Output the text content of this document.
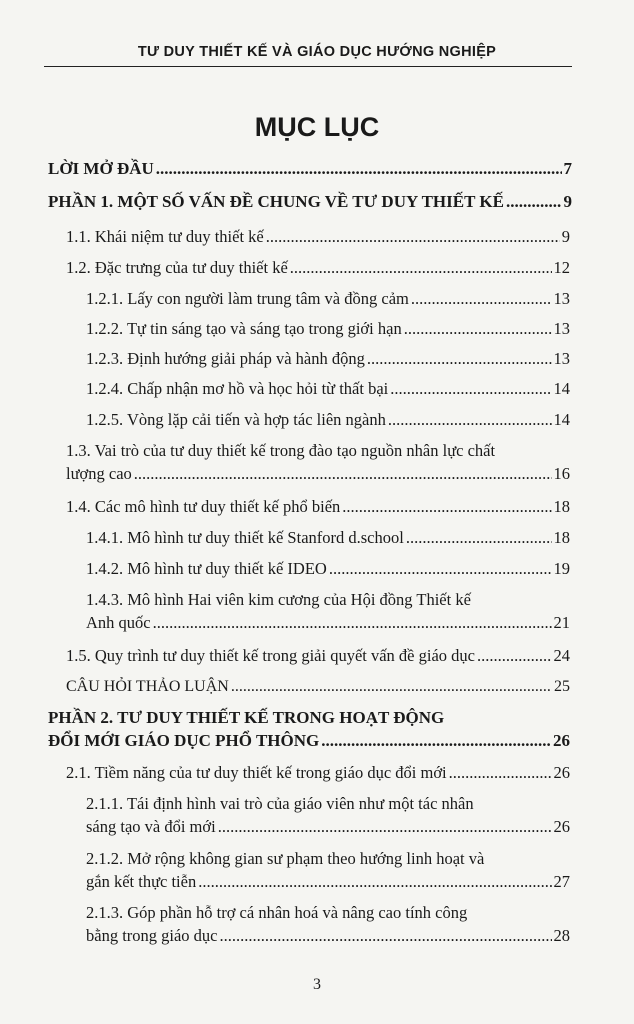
TƯ DUY THIẾT KẾ VÀ GIÁO DỤC HƯỚNG NGHIỆP
MỤC LỤC
LỜI MỞ ĐẦU .....	7
PHẦN 1. MỘT SỐ VẤN ĐỀ CHUNG VỀ TƯ DUY THIẾT KẾ .....	9
1.1. Khái niệm tư duy thiết kế .....	9
1.2. Đặc trưng của tư duy thiết kế .....	12
1.2.1. Lấy con người làm trung tâm và đồng cảm .....	13
1.2.2. Tự tin sáng tạo và sáng tạo trong giới hạn .....	13
1.2.3. Định hướng giải pháp và hành động .....	13
1.2.4. Chấp nhận mơ hồ và học hỏi từ thất bại .....	14
1.2.5. Vòng lặp cải tiến và hợp tác liên ngành .....	14
1.3. Vai trò của tư duy thiết kế trong đào tạo nguồn nhân lực chất
lượng cao .....	16
1.4. Các mô hình tư duy thiết kế phổ biến .....	18
1.4.1. Mô hình tư duy thiết kế Stanford d.school .....	18
1.4.2. Mô hình tư duy thiết kế IDEO .....	19
1.4.3. Mô hình Hai viên kim cương của Hội đồng Thiết kế
Anh quốc .....	21
1.5. Quy trình tư duy thiết kế trong giải quyết vấn đề giáo dục .....	24
CÂU HỎI THẢO LUẬN .....	25
PHẦN 2. TƯ DUY THIẾT KẾ TRONG HOẠT ĐỘNG
ĐỔI MỚI GIÁO DỤC PHỔ THÔNG .....	26
2.1. Tiềm năng của tư duy thiết kế trong giáo dục đổi mới .....	26
2.1.1. Tái định hình vai trò của giáo viên như một tác nhân
sáng tạo và đổi mới .....	26
2.1.2. Mở rộng không gian sư phạm theo hướng linh hoạt và
gắn kết thực tiễn .....	27
2.1.3. Góp phần hỗ trợ cá nhân hoá và nâng cao tính công
bằng trong giáo dục .....	28
3
